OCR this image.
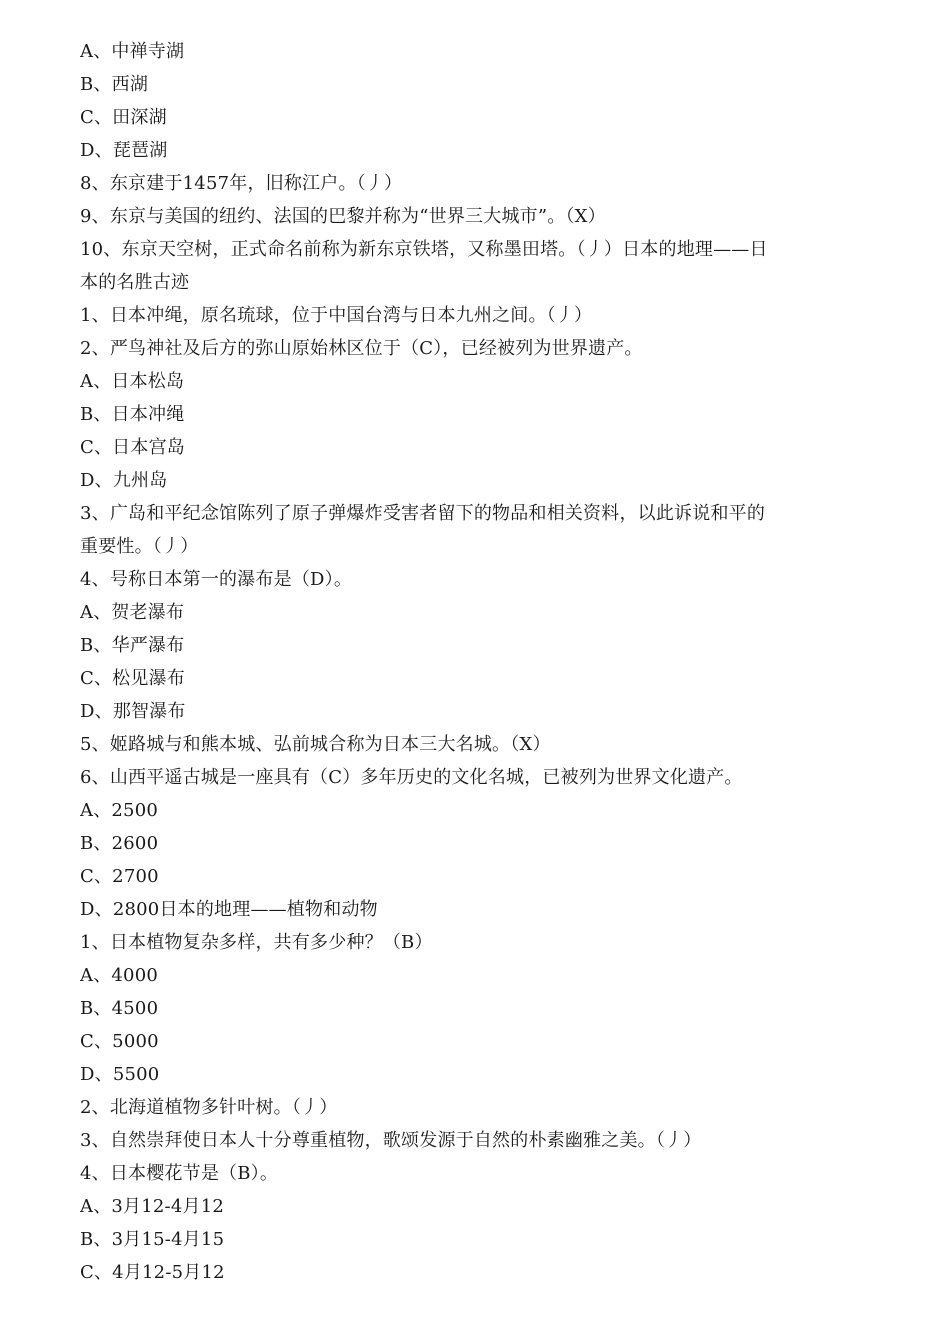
A、中禅寺湖
B、西湖
C、田深湖
D、琵琶湖
8、东京建于1457年，旧称江户。（丿）
9、东京与美国的纽约、法国的巴黎并称为“世界三大城市”。（X）
10、东京天空树，正式命名前称为新东京铁塔，又称墨田塔。（丿）日本的地理——日
本的名胜古迹
1、日本冲绳，原名琉球，位于中国台湾与日本九州之间。（丿）
2、严鸟神社及后方的弥山原始林区位于（C），已经被列为世界遗产。
A、日本松岛
B、日本冲绳
C、日本宫岛
D、九州岛
3、广岛和平纪念馆陈列了原子弹爆炸受害者留下的物品和相关资料，以此诉说和平的
重要性。（丿）
4、号称日本第一的瀑布是（D）。
A、贺老瀑布
B、华严瀑布
C、松见瀑布
D、那智瀑布
5、姬路城与和熊本城、弘前城合称为日本三大名城。（X）
6、山西平遥古城是一座具有（C）多年历史的文化名城，已被列为世界文化遗产。
A、2500
B、2600
C、2700
D、2800日本的地理——植物和动物
1、日本植物复杂多样，共有多少种？（B）
A、4000
B、4500
C、5000
D、5500
2、北海道植物多针叶树。（丿）
3、自然崇拜使日本人十分尊重植物，歌颂发源于自然的朴素幽雅之美。（丿）
4、日本樱花节是（B）。
A、3月12-4月12
B、3月15-4月15
C、4月12-5月12
